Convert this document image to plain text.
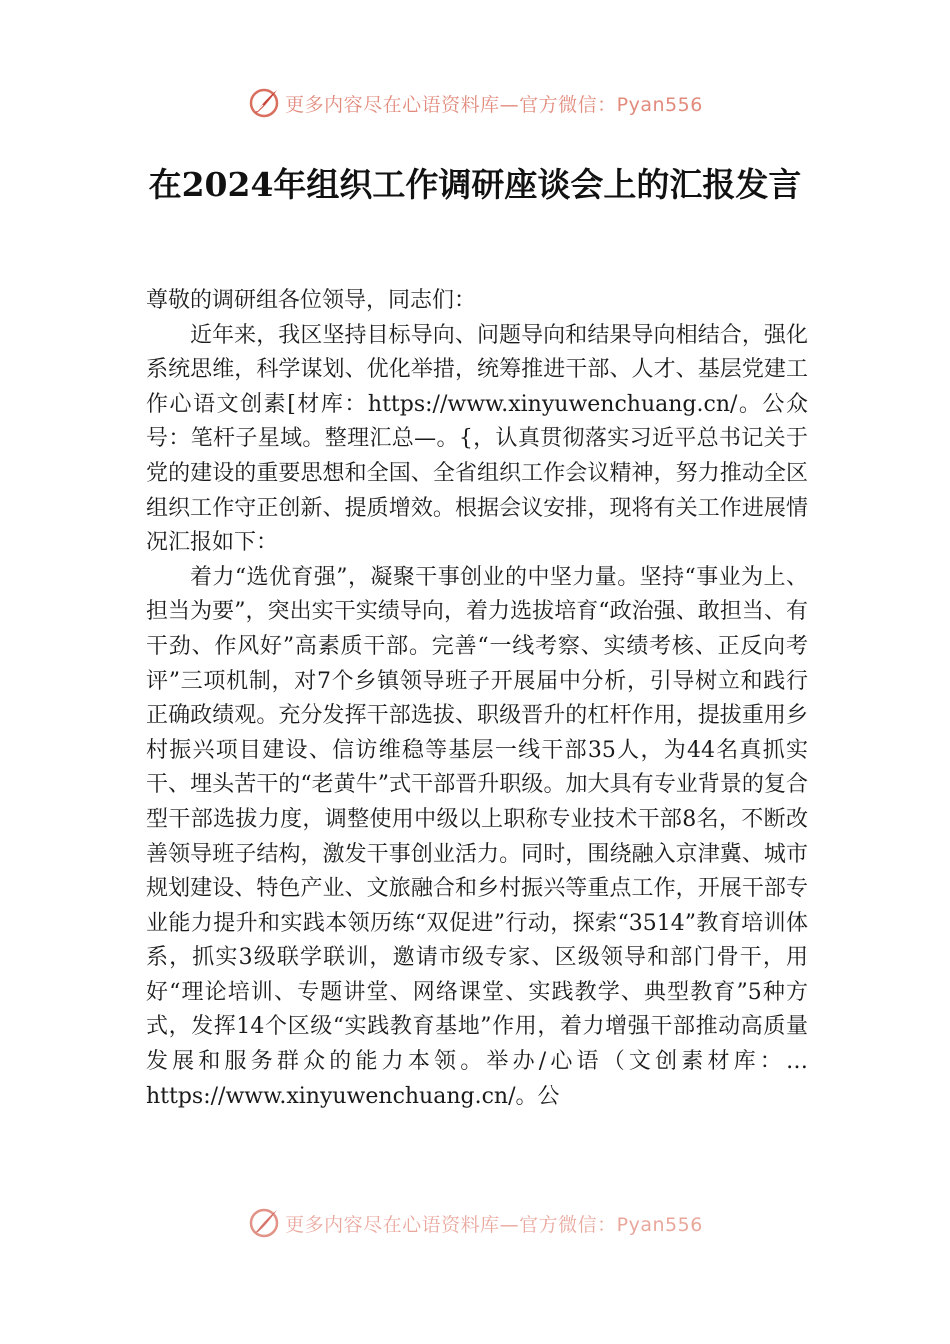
更多内容尽在心语资料库—官方微信：Pyan556
在2024年组织工作调研座谈会上的汇报发言

尊敬的调研组各位领导，同志们：

近年来，我区坚持目标导向、问题导向和结果导向相结合，强化系统思维，科学谋划、优化举措，统筹推进干部、人才、基层党建工作心语文创素[材库：https://www.xinyuwenchuang.cn/。公众号：笔杆子星域。整理汇总—。{，认真贯彻落实习近平总书记关于党的建设的重要思想和全国、全省组织工作会议精神，努力推动全区组织工作守正创新、提质增效。根据会议安排，现将有关工作进展情况汇报如下：

着力“选优育强”，凝聚干事创业的中坚力量。坚持“事业为上、担当为要”，突出实干实绩导向，着力选拔培育“政治强、敢担当、有干劲、作风好”高素质干部。完善“一线考察、实绩考核、正反向考评”三项机制，对7个乡镇领导班子开展届中分析，引导树立和践行正确政绩观。充分发挥干部选拔、职级晋升的杠杆作用，提拔重用乡村振兴项目建设、信访维稳等基层一线干部35人，为44名真抓实干、埋头苦干的“老黄牛”式干部晋升职级。加大具有专业背景的复合型干部选拔力度，调整使用中级以上职称专业技术干部8名，不断改善领导班子结构，激发干事创业活力。同时，围绕融入京津冀、城市规划建设、特色产业、文旅融合和乡村振兴等重点工作，开展干部专业能力提升和实践本领历练“双促进”行动，探索“3514”教育培训体系，抓实3级联学联训，邀请市级专家、区级领导和部门骨干，用好“理论培训、专题讲堂、网络课堂、实践教学、典型教育”5种方式，发挥14个区级“实践教育基地”作用，着力增强干部推动高质量发展和服务群众的能力本领。举办/心语（文创素材库：…https://www.xinyuwenchuang.cn/。公

更多内容尽在心语资料库—官方微信：Pyan556
